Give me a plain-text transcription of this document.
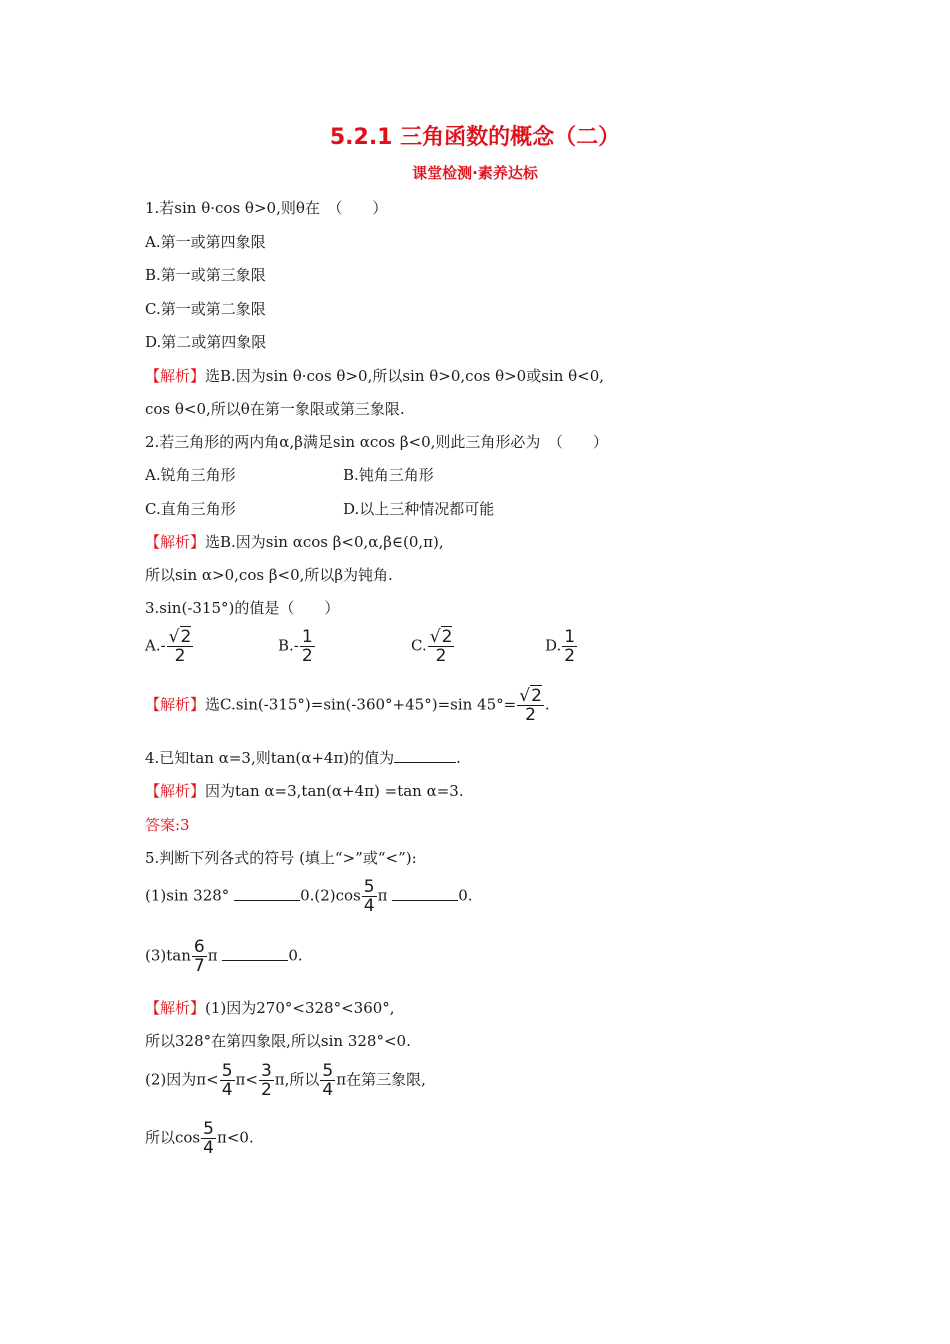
5.2.1 三角函数的概念（二）
课堂检测·素养达标
1.若sin θ·cos θ>0,则θ在　（　　）
A.第一或第四象限
B.第一或第三象限
C.第一或第二象限
D.第二或第四象限
【解析】选B.因为sin θ·cos θ>0,所以sin θ>0,cos θ>0或sin θ<0,
cos θ<0,所以θ在第一象限或第三象限.
2.若三角形的两内角α,β满足sin αcos β<0,则此三角形必为　（　　）
A.锐角三角形	B.钝角三角形
C.直角三角形	D.以上三种情况都可能
【解析】选B.因为sin αcos β<0,α,β∈(0,π),
所以sin α>0,cos β<0,所以β为钝角.
3.sin(-315°)的值是（　　）
$A.- \frac{√2}{2}$	$B.- \frac{1}{2}$	C. $\frac{√2}{2}$	D. $\frac{1}{2}$
【解析】选C.sin(-315°)=sin(-360°+45°)=sin $45^\circ= \frac{√2}{2}$ .
4.已知tan α=3,则tan(α+4π)的值为	.
【解析】因为tan α=3,tan(α+4π) =tan α=3.
答案:3
5.判断下列各式的符号 (填上“>”或“<”):
(1)sin 328°	$0.(2)\cos \frac{5}{4}$ π	0.
$(3)\tan \frac{6}{7}$ π	0.
【解析】(1)因为270°<328°<360°,
所以328°在第四象限,所以sin 328°<0.
(2)因为$\pi< \frac{5}{4} \pi< \frac{3}{2} \pi$,所以 $\frac{5}{4}$ π在第三象限,
所以$\cos \frac{5}{4} \pi<0$.
